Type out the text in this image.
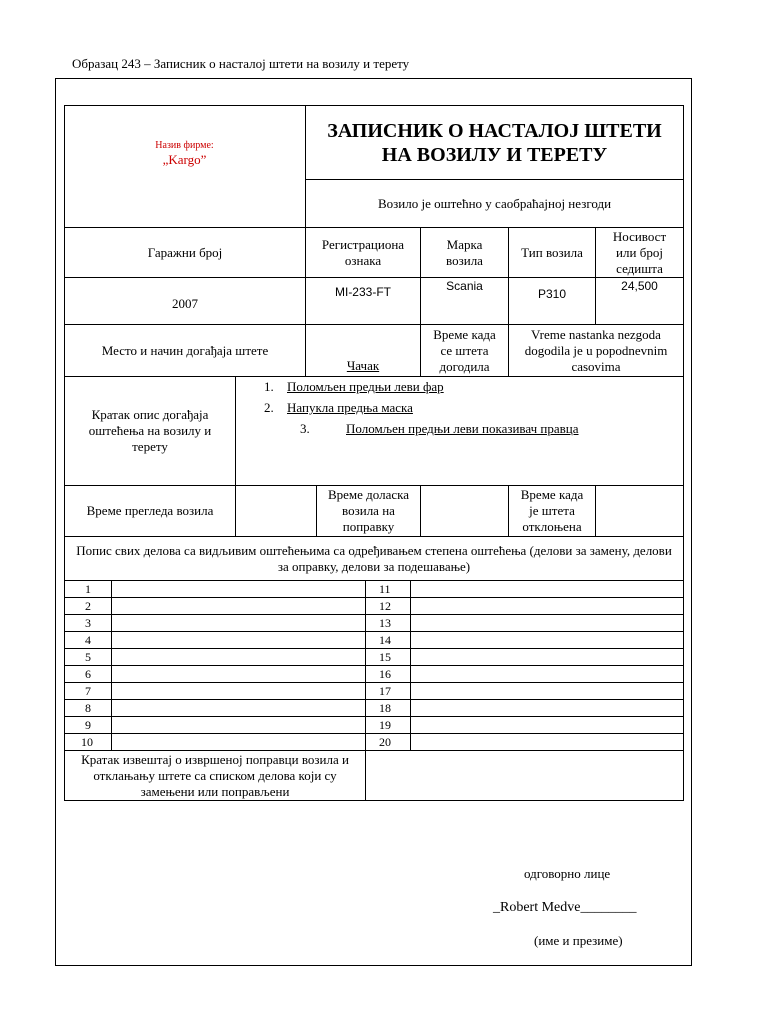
Образац 243 – Записник о насталој штети на возилу и терету
Назив фирме:
„Kargo”
ЗАПИСНИК О НАСТАЛОЈ ШТЕТИ
НА ВОЗИЛУ И ТЕРЕТУ
Возило је оштећно у саобраћајној незгоди
Гаражни број
Регистрациона ознака
Марка возила
Тип возила
Носивост или број седишта
2007
MI-233-FT	Scania
P310
24,500
Место и начин догађаја штете
Чачак
Време када се штета догодила
Vreme nastanka nezgoda dogodila je u popodnevnim casovima
Кратак опис догађаја оштећења на возилу и терету
1. Поломљен предњи леви фар
2. Напукла предња маска
3.	Поломљен предњи леви показивач правца
Време прегледа возила
Време доласка возила на поправку
Време када је штета отклоњена
Попис свих делова са видљивим оштећењима са одређивањем степена оштећења (делови за замену, делови за оправку, делови за подешавање)
1
2
3
4
5
6
7
8
9
10
11
12
13
14
15
16
17
18
19
20
Кратак извештај о извршеној поправци возила и отклањању штете са списком делова који су замењени или поправљени
одговорно лице
_Robert Medve________
(име и презиме)
